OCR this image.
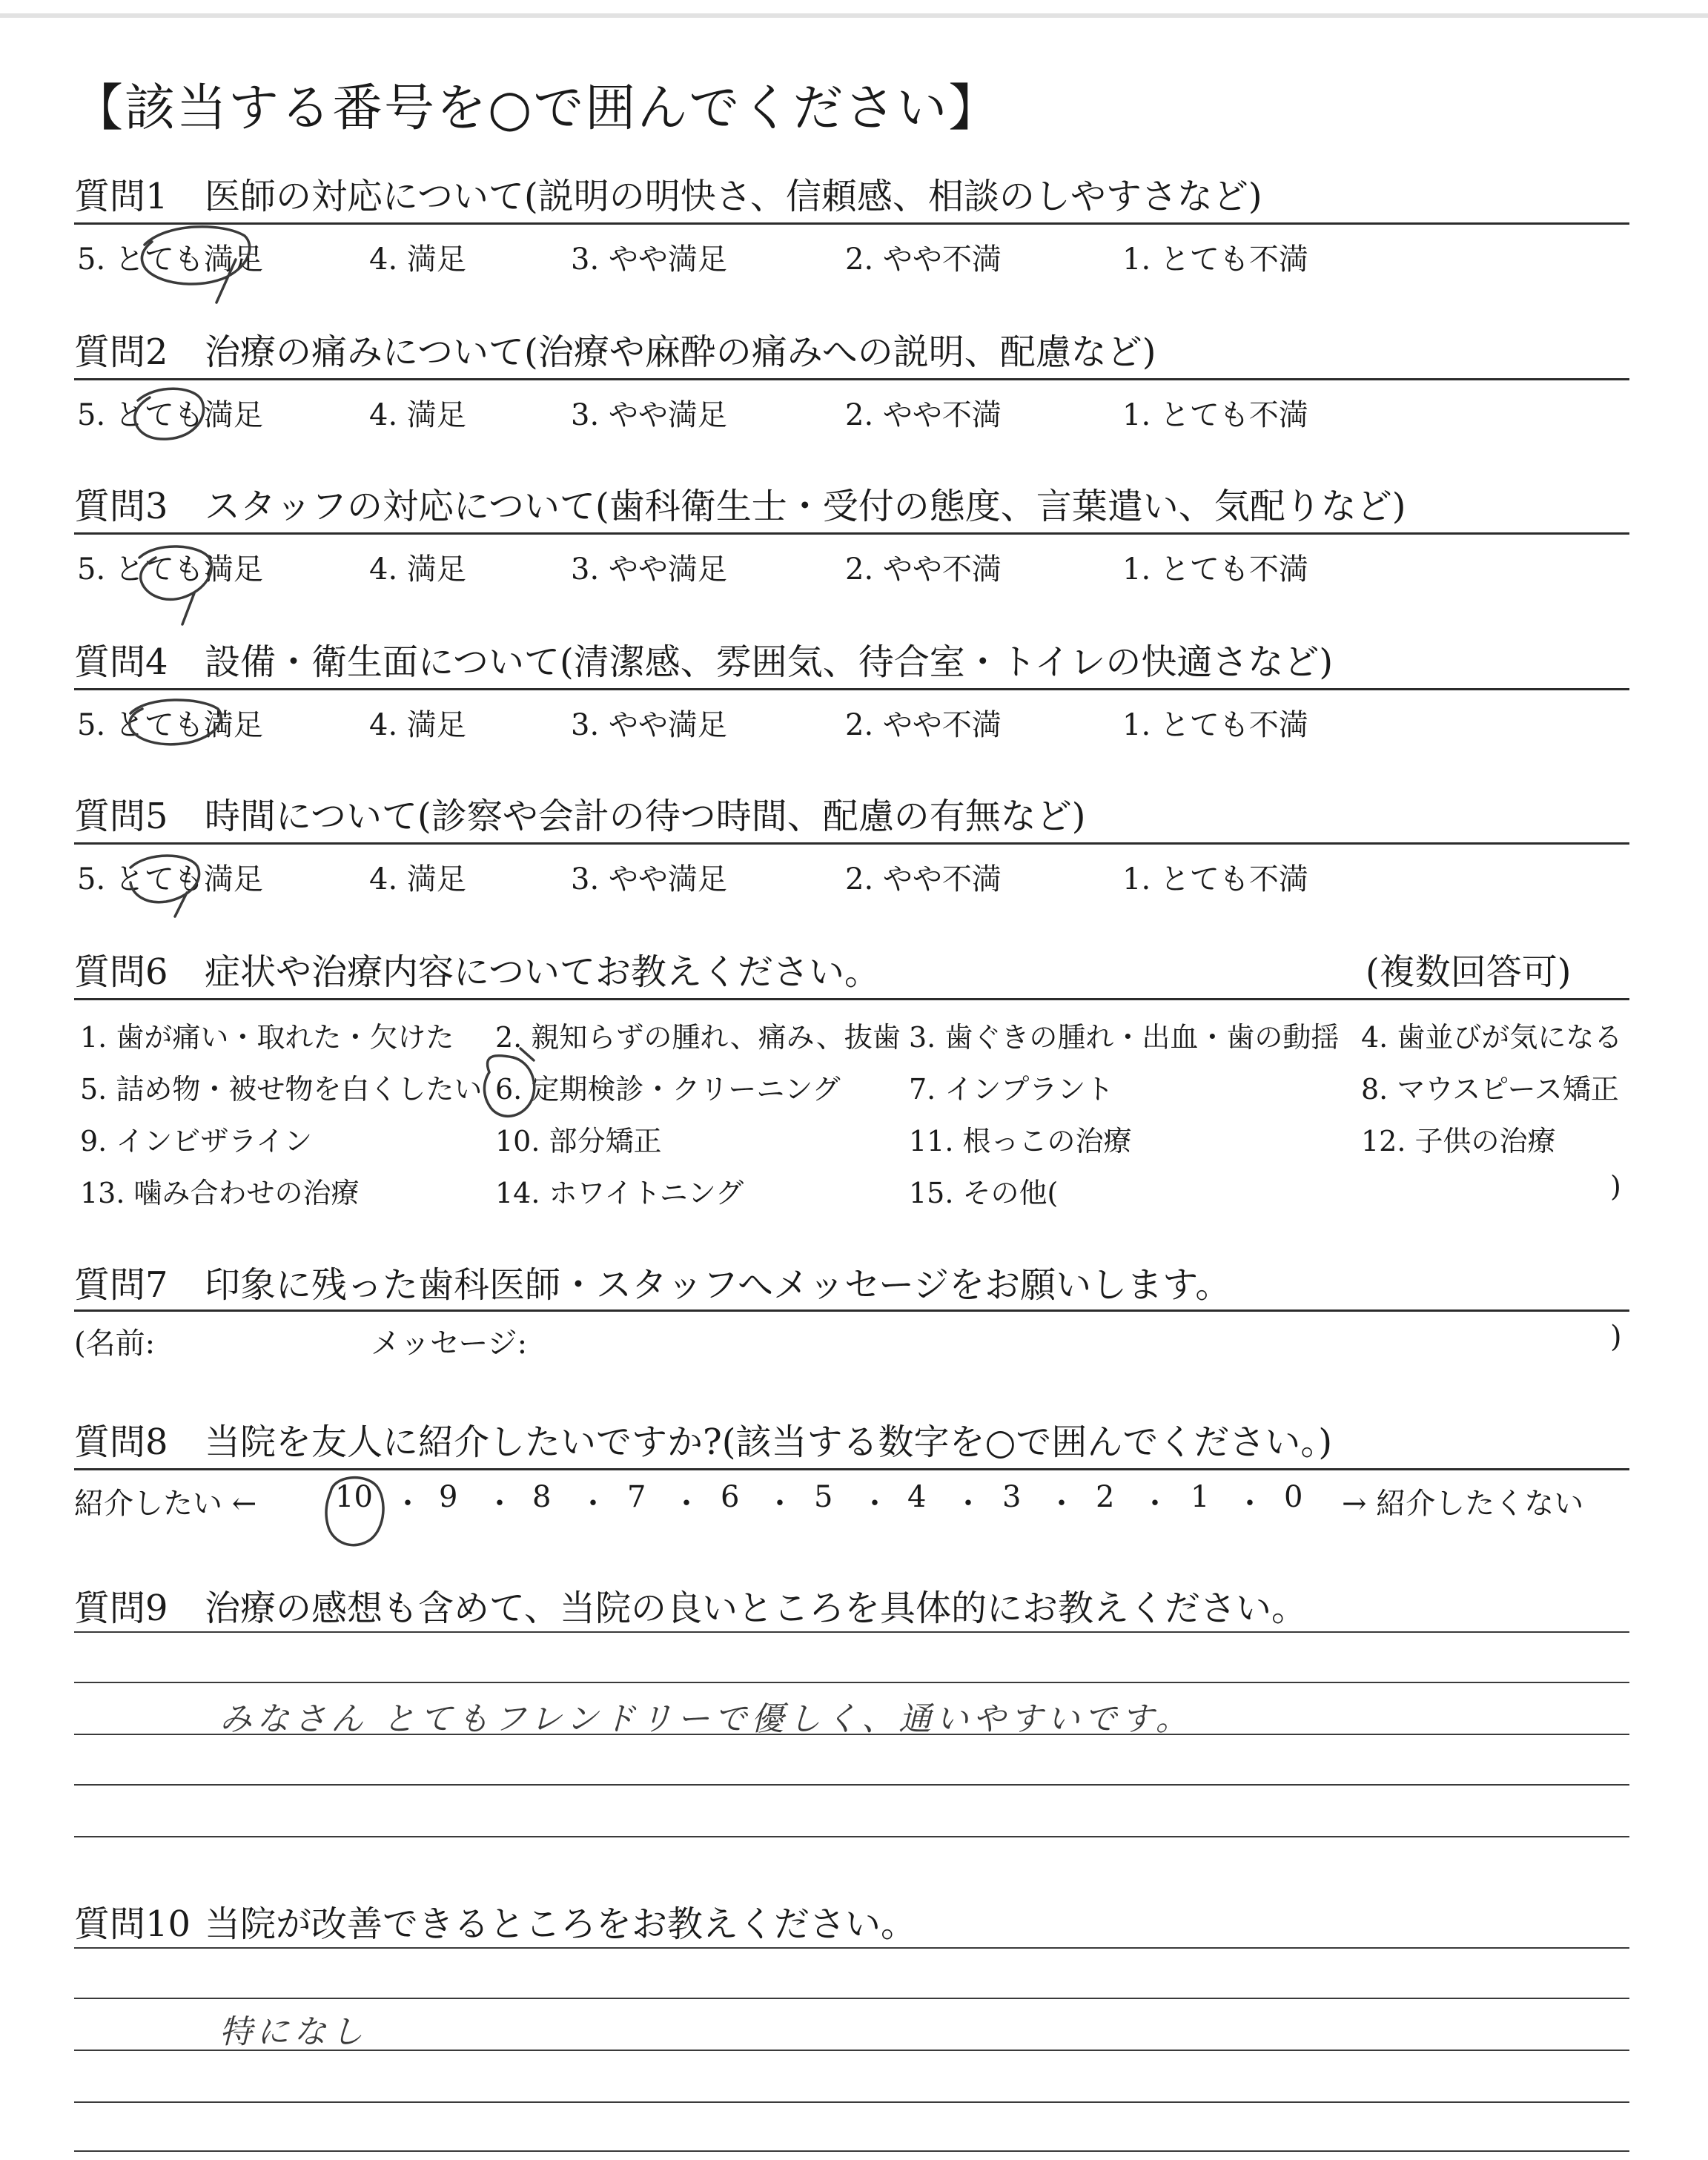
【該当する番号を○で囲んでください】
質問1 医師の対応について(説明の明快さ、信頼感、相談のしやすさなど)
5. とても満足	4. 満足	3. やや満足	2. やや不満	1. とても不満
質問2 治療の痛みについて(治療や麻酔の痛みへの説明、配慮など)
5. とても満足	4. 満足	3. やや満足	2. やや不満	1. とても不満
質問3 スタッフの対応について(歯科衛生士・受付の態度、言葉遣い、気配りなど)
5. とても満足	4. 満足	3. やや満足	2. やや不満	1. とても不満
質問4 設備・衛生面について(清潔感、雰囲気、待合室・トイレの快適さなど)
5. とても満足	4. 満足	3. やや満足	2. やや不満	1. とても不満
質問5 時間について(診察や会計の待つ時間、配慮の有無など)
5. とても満足	4. 満足	3. やや満足	2. やや不満	1. とても不満
質問6 症状や治療内容についてお教えください。	(複数回答可)
1. 歯が痛い・取れた・欠けた 2. 親知らずの腫れ、痛み、抜歯 3. 歯ぐきの腫れ・出血・歯の動揺 4. 歯並びが気になる
5. 詰め物・被せ物を白くしたい 6. 定期検診・クリーニング 7. インプラント	8. マウスピース矯正
9. インビザライン	10. 部分矯正	11. 根っこの治療	12. 子供の治療
13. 噛み合わせの治療	14. ホワイトニング	15. その他(	)
質問7 印象に残った歯科医師・スタッフへメッセージをお願いします。
(名前:	メッセージ:	)
質問8 当院を友人に紹介したいですか?(該当する数字を○で囲んでください。)
紹介したい ←	10 ・ 9 ・ 8 ・ 7 ・ 6 ・ 5 ・ 4 ・ 3 ・ 2 ・ 1 ・ 0 → 紹介したくない
質問9 治療の感想も含めて、当院の良いところを具体的にお教えください。
みなさん とてもフレンドリーで優しく、通いやすいです。
質問10 当院が改善できるところをお教えください。
特になし
